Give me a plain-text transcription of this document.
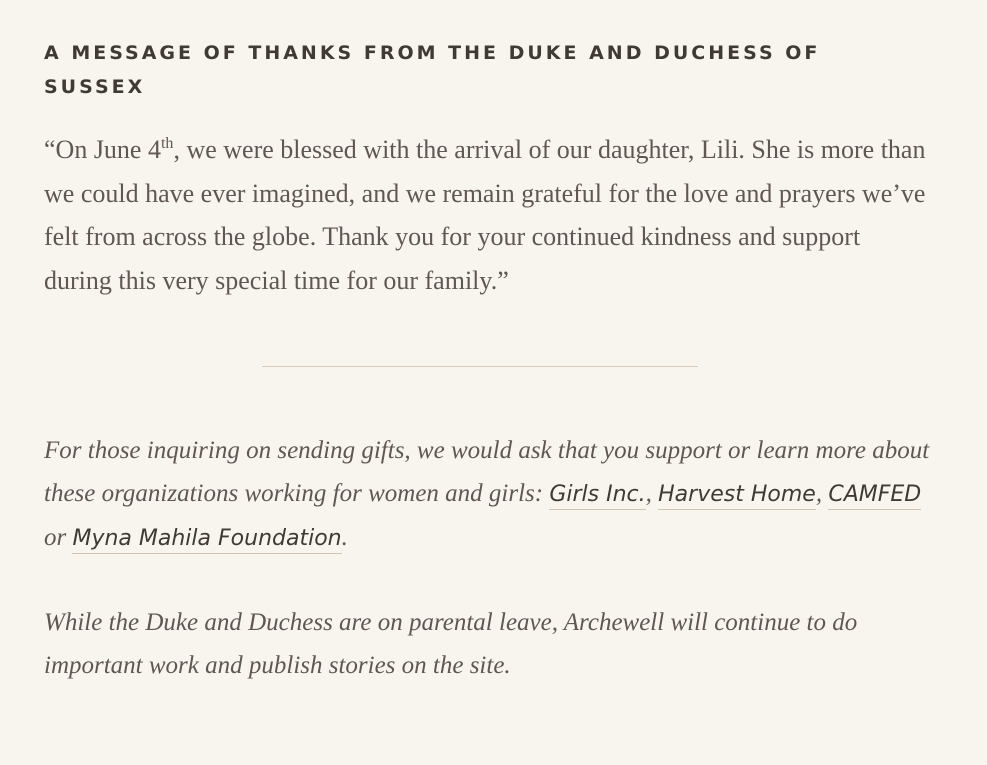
A MESSAGE OF THANKS FROM THE DUKE AND DUCHESS OF SUSSEX

“On June 4th, we were blessed with the arrival of our daughter, Lili. She is more than we could have ever imagined, and we remain grateful for the love and prayers we’ve felt from across the globe. Thank you for your continued kindness and support during this very special time for our family.”

For those inquiring on sending gifts, we would ask that you support or learn more about these organizations working for women and girls: Girls Inc., Harvest Home, CAMFED or Myna Mahila Foundation.

While the Duke and Duchess are on parental leave, Archewell will continue to do important work and publish stories on the site.
